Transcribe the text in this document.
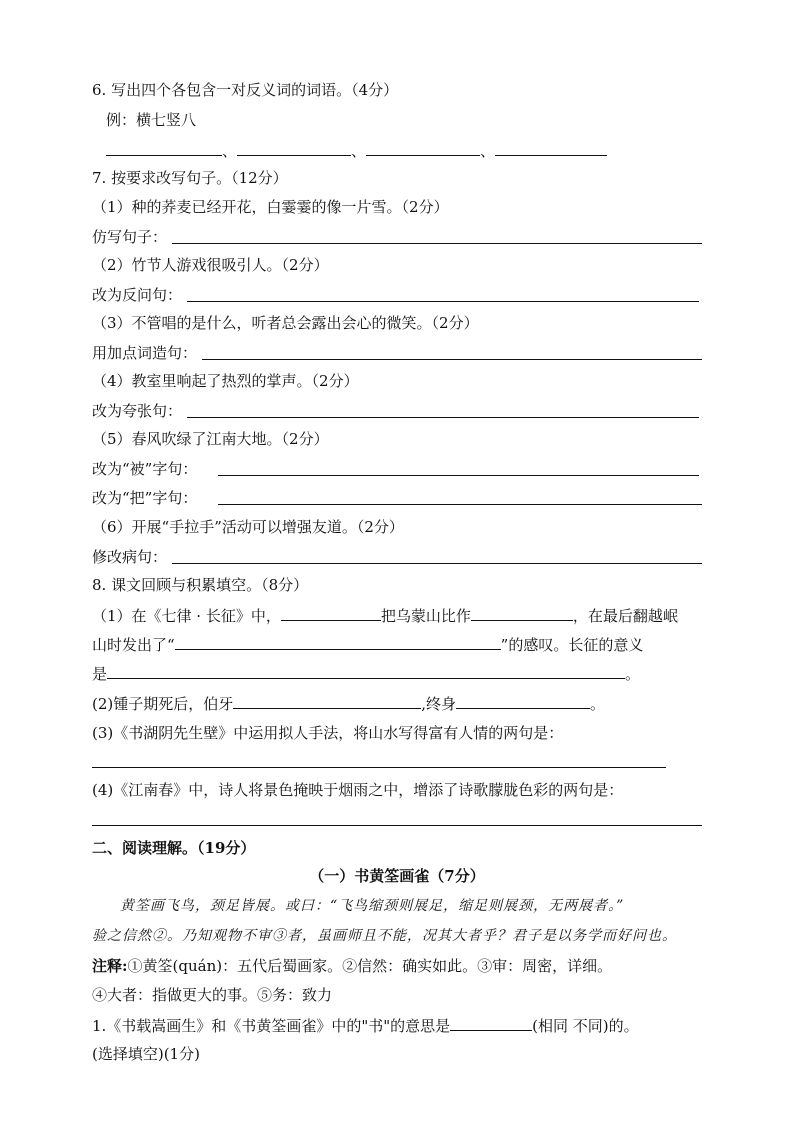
6. 写出四个各包含一对反义词的词语。（4分）
例：横七竖八
、	、	、
7. 按要求改写句子。（12分）
（1）种的荞麦已经开花，白霎霎的像一片雪。（2分）
仿写句子：
（2）竹节人游戏很吸引人。（2分）
改为反问句：
（3）不管唱的是什么，听者总会露出会心的微笑。（2分）
用加点词造句：
（4）教室里响起了热烈的掌声。（2分）
改为夸张句：
（5）春风吹绿了江南大地。（2分）
改为“被”字句：
改为“把”字句：
（6）开展“手拉手”活动可以增强友道。（2分）
修改病句：
8. 课文回顾与积累填空。（8分）
（1）在《七律 · 长征》中，	把乌蒙山比作	，在最后翻越岷
山时发出了“	”的感叹。长征的意义
是	。
(2)锺子期死后，伯牙	,终身	。
(3)《书湖阴先生壁》中运用拟人手法，将山水写得富有人情的两句是：
(4)《江南春》中，诗人将景色掩映于烟雨之中，增添了诗歌朦胧色彩的两句是：
二、阅读理解。（19分）
（一）书黄筌画雀（7分）
黄筌画飞鸟，颈足皆展。或曰：“飞鸟缩颈则展足，缩足则展颈，无两展者。”
验之信然②。乃知观物不审③者，虽画师且不能，况其大者乎？君子是以务学而好问也。
注释:①黄筌(quán)：五代后蜀画家。②信然：确实如此。③审：周密，详细。
④大者：指做更大的事。⑤务：致力
1.《书载嵩画生》和《书黄筌画雀》中的"书"的意思是	(相同 不同)的。
(选择填空)(1分)
